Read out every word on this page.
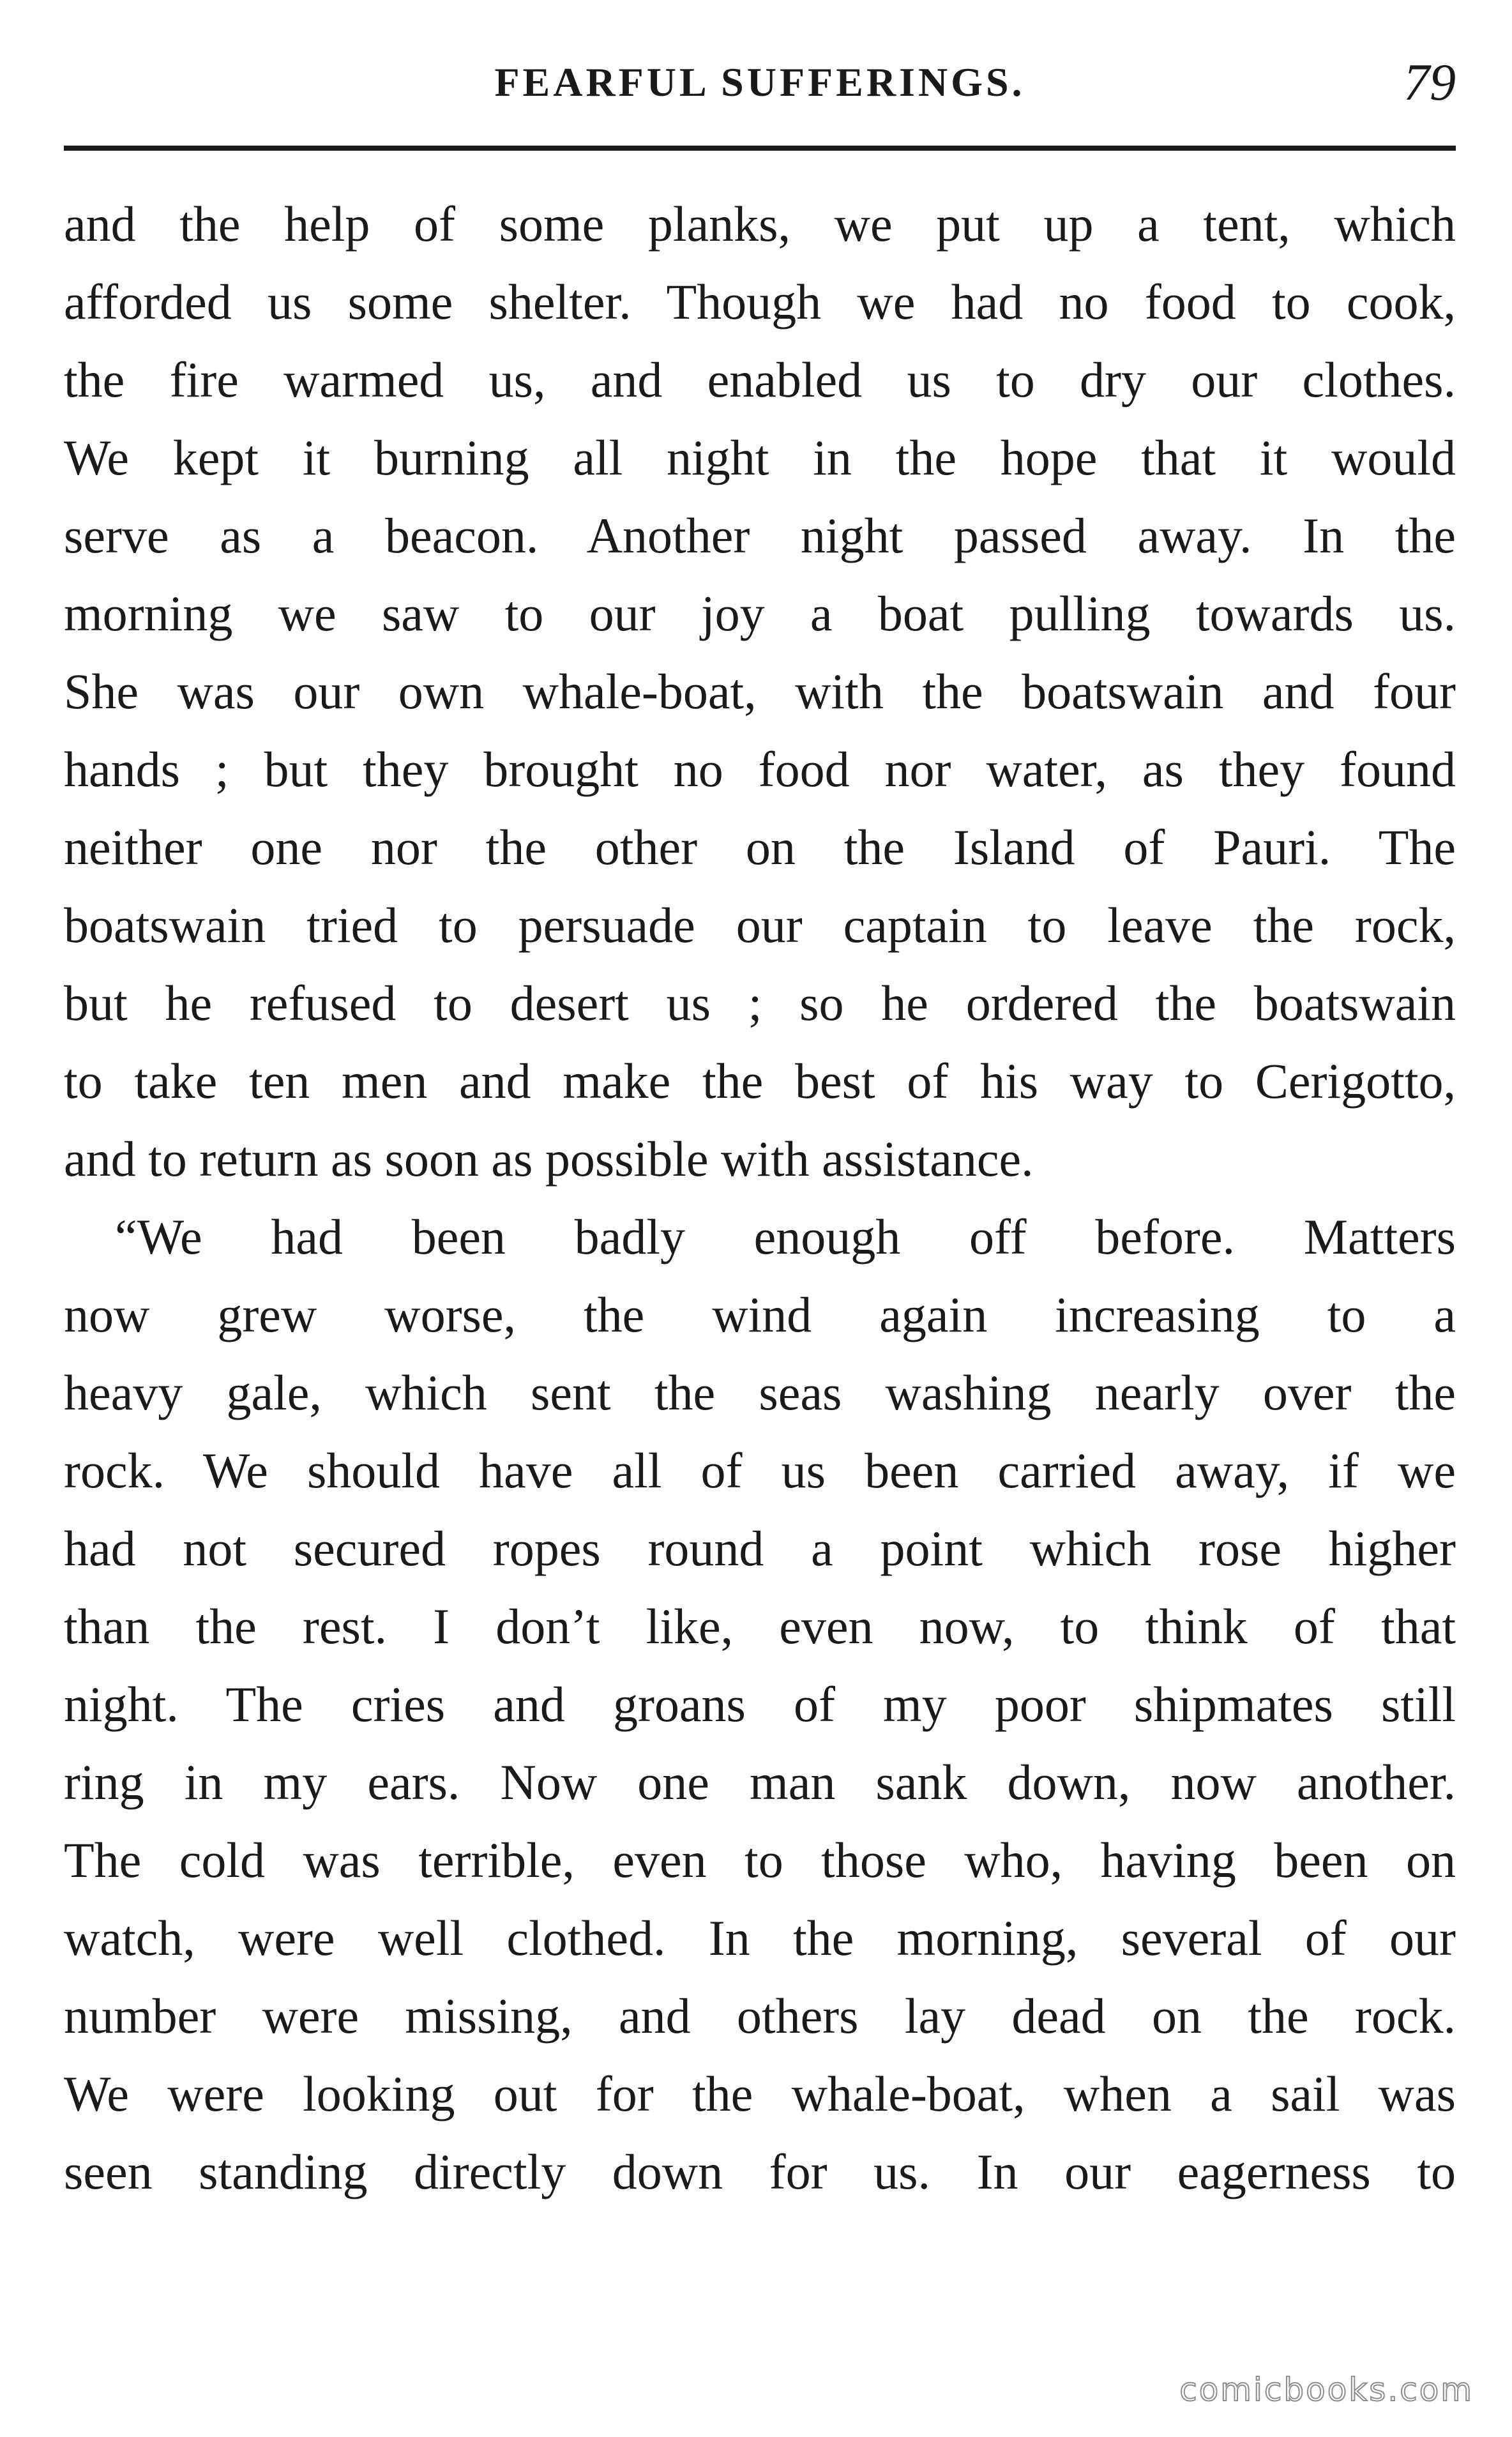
FEARFUL SUFFERINGS.	79
and the help of some planks, we put up a tent, which
afforded us some shelter. Though we had no food to cook,
the fire warmed us, and enabled us to dry our clothes.
We kept it burning all night in the hope that it would
serve as a beacon. Another night passed away. In the
morning we saw to our joy a boat pulling towards us.
She was our own whale-boat, with the boatswain and four
hands ; but they brought no food nor water, as they found
neither one nor the other on the Island of Pauri. The
boatswain tried to persuade our captain to leave the rock,
but he refused to desert us ; so he ordered the boatswain
to take ten men and make the best of his way to Cerigotto,
and to return as soon as possible with assistance.
“We had been badly enough off before. Matters
now grew worse, the wind again increasing to a
heavy gale, which sent the seas washing nearly over the
rock. We should have all of us been carried away, if we
had not secured ropes round a point which rose higher
than the rest. I don’t like, even now, to think of that
night. The cries and groans of my poor shipmates still
ring in my ears. Now one man sank down, now another.
The cold was terrible, even to those who, having been on
watch, were well clothed. In the morning, several of our
number were missing, and others lay dead on the rock.
We were looking out for the whale-boat, when a sail was
seen standing directly down for us. In our eagerness to
comicbooks.com
